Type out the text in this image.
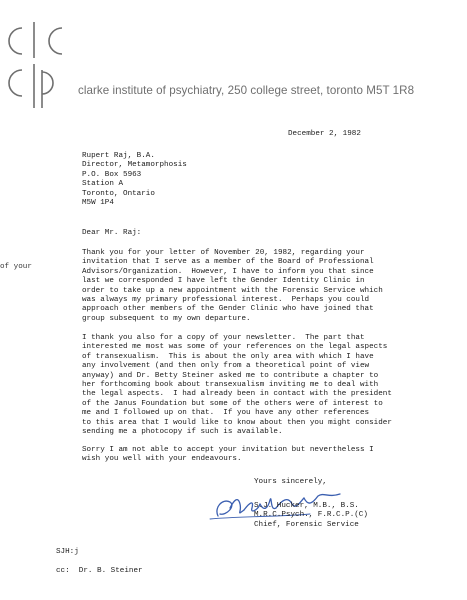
clarke institute of psychiatry, 250 college street, toronto M5T 1R8
December 2, 1982
Rupert Raj, B.A.
Director, Metamorphosis
P.O. Box 5963
Station A
Toronto, Ontario
M5W 1P4
of your
Dear Mr. Raj:
Thank you for your letter of November 20, 1982, regarding your
invitation that I serve as a member of the Board of Professional
Advisors/Organization.  However, I have to inform you that since
last we corresponded I have left the Gender Identity Clinic in
order to take up a new appointment with the Forensic Service which
was always my primary professional interest.  Perhaps you could
approach other members of the Gender Clinic who have joined that
group subsequent to my own departure.
I thank you also for a copy of your newsletter.  The part that
interested me most was some of your references on the legal aspects
of transexualism.  This is about the only area with which I have
any involvement (and then only from a theoretical point of view
anyway) and Dr. Betty Steiner asked me to contribute a chapter to
her forthcoming book about transexualism inviting me to deal with
the legal aspects.  I had already been in contact with the president
of the Janus Foundation but some of the others were of interest to
me and I followed up on that.  If you have any other references
to this area that I would like to know about then you might consider
sending me a photocopy if such is available.
Sorry I am not able to accept your invitation but nevertheless I
wish you well with your endeavours.
Yours sincerely,
S.J. Hucker, M.B., B.S.
M.R.C.Psych., F.R.C.P.(C)
Chief, Forensic Service
SJH:j
cc:  Dr. B. Steiner
